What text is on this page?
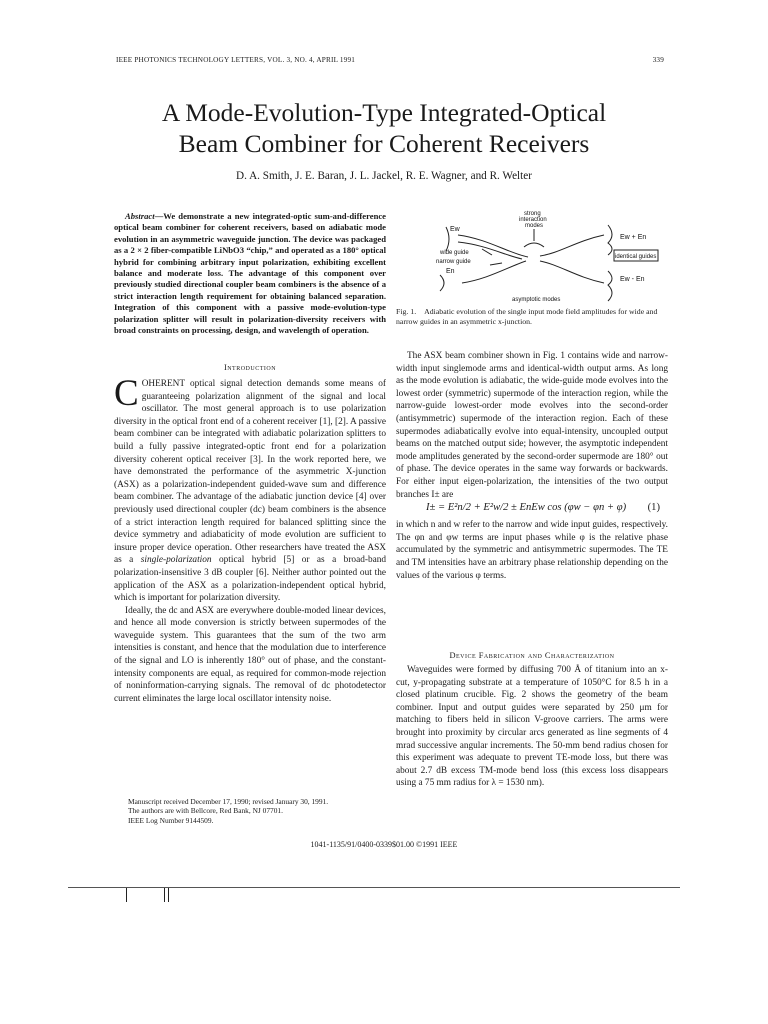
IEEE PHOTONICS TECHNOLOGY LETTERS, VOL. 3, NO. 4, APRIL 1991	339
A Mode-Evolution-Type Integrated-Optical
Beam Combiner for Coherent Receivers
D. A. Smith, J. E. Baran, J. L. Jackel, R. E. Wagner, and R. Welter

Abstract—We demonstrate a new integrated-optic sum-and-difference optical beam combiner for coherent receivers, based on adiabatic mode evolution in an asymmetric waveguide junction. The device was packaged as a 2 × 2 fiber-compatible LiNbO3 “chip,” and operated as a 180° optical hybrid for combining arbitrary input polarization, exhibiting excellent balance and moderate loss. The advantage of this component over previously studied directional coupler beam combiners is the absence of a strict interaction length requirement for obtaining balanced separation. Integration of this component with a passive mode-evolution-type polarization splitter will result in polarization-diversity receivers with broad constraints on processing, design, and wavelength of operation.

Introduction

COHERENT optical signal detection demands some means of guaranteeing polarization alignment of the signal and local oscillator. The most general approach is to use polarization diversity in the optical front end of a coherent receiver [1], [2]. A passive beam combiner can be integrated with adiabatic polarization splitters to build a fully passive integrated-optic front end for a polarization diversity coherent optical receiver [3]. In the work reported here, we have demonstrated the performance of the asymmetric X-junction (ASX) as a polarization-independent guided-wave sum and difference beam combiner. The advantage of the adiabatic junction device [4] over previously used directional coupler (dc) beam combiners is the absence of a strict interaction length required for balanced splitting since the device symmetry and adiabaticity of mode evolution are sufficient to insure proper device operation. Other researchers have treated the ASX as a single-polarization optical hybrid [5] or as a broad-band polarization-insensitive 3 dB coupler [6]. Neither author pointed out the application of the ASX as a polarization-independent optical hybrid, which is important for polarization diversity.

Ideally, the dc and ASX are everywhere double-moded linear devices, and hence all mode conversion is strictly between supermodes of the waveguide system. This guarantees that the sum of the two arm intensities is constant, and hence that the modulation due to interference of the signal and LO is inherently 180° out of phase, and the constant-intensity components are equal, as required for common-mode rejection of noninformation-carrying signals. The removal of dc photodetector current eliminates the large local oscillator intensity noise.

Manuscript received December 17, 1990; revised January 30, 1991.
The authors are with Bellcore, Red Bank, NJ 07701.
IEEE Log Number 9144509.
strong
interaction
modes
Ew
En
wide guide
narrow guide
Ew + En
identical guides
Ew - En
asymptotic modes
Fig. 1. Adiabatic evolution of the single input mode field amplitudes for wide and narrow guides in an asymmetric x-junction.

The ASX beam combiner shown in Fig. 1 contains wide and narrow-width input singlemode arms and identical-width output arms. As long as the mode evolution is adiabatic, the wide-guide mode evolves into the lowest order (symmetric) supermode of the interaction region, while the narrow-guide lowest-order mode evolves into the second-order (antisymmetric) supermode of the interaction region. Each of these supermodes adiabatically evolve into equal-intensity, uncoupled output beams on the matched output side; however, the asymptotic independent mode amplitudes generated by the second-order supermode are 180° out of phase. The device operates in the same way forwards or backwards. For either input eigen-polarization, the intensities of the two output branches I± are

I± = E²n/2 + E²w/2 ± EnEw cos (φw − φn + φ) (1)

in which n and w refer to the narrow and wide input guides, respectively. The φn and φw terms are input phases while φ is the relative phase accumulated by the symmetric and antisymmetric supermodes. The TE and TM intensities have an arbitrary phase relationship depending on the values of the various φ terms.

Device Fabrication and Characterization

Waveguides were formed by diffusing 700 Å of titanium into an x-cut, y-propagating substrate at a temperature of 1050°C for 8.5 h in a closed platinum crucible. Fig. 2 shows the geometry of the beam combiner. Input and output guides were separated by 250 μm for matching to fibers held in silicon V-groove carriers. The arms were brought into proximity by circular arcs generated as line segments of 4 mrad successive angular increments. The 50-mm bend radius chosen for this experiment was adequate to prevent TE-mode loss, but there was about 2.7 dB excess TM-mode bend loss (this excess loss disappears using a 75 mm radius for λ = 1530 nm).

1041-1135/91/0400-0339$01.00 ©1991 IEEE
